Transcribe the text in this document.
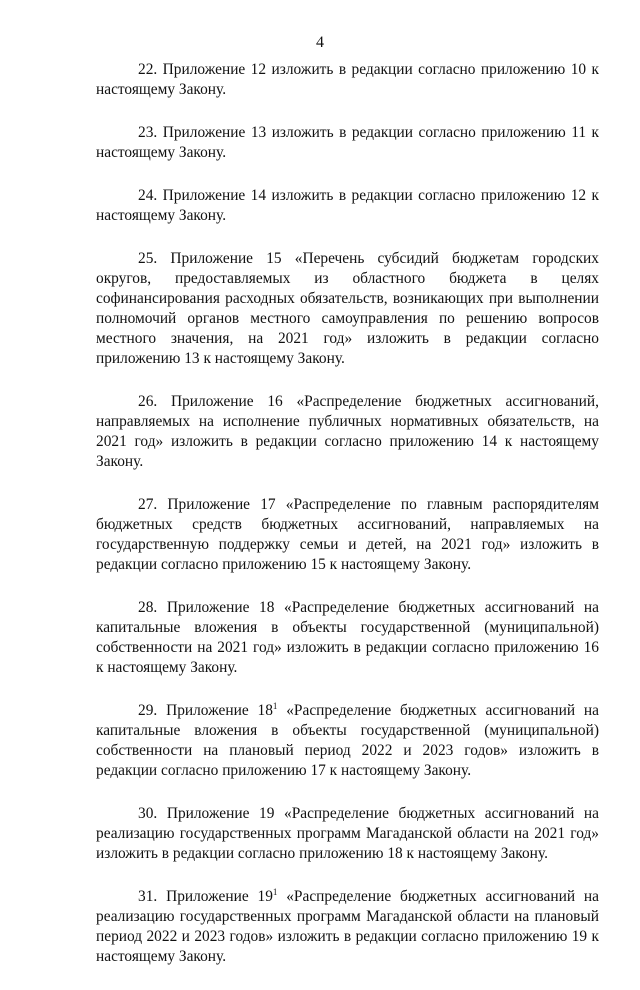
4

22. Приложение 12 изложить в редакции согласно приложению 10 к настоящему Закону.

23. Приложение 13 изложить в редакции согласно приложению 11 к настоящему Закону.

24. Приложение 14 изложить в редакции согласно приложению 12 к настоящему Закону.

25. Приложение 15 «Перечень субсидий бюджетам городских округов, предоставляемых из областного бюджета в целях софинансирования расходных обязательств, возникающих при выполнении полномочий органов местного самоуправления по решению вопросов местного значения, на 2021 год» изложить в редакции согласно приложению 13 к настоящему Закону.

26. Приложение 16 «Распределение бюджетных ассигнований, направляемых на исполнение публичных нормативных обязательств, на 2021 год» изложить в редакции согласно приложению 14 к настоящему Закону.

27. Приложение 17 «Распределение по главным распорядителям бюджетных средств бюджетных ассигнований, направляемых на государственную поддержку семьи и детей, на 2021 год» изложить в редакции согласно приложению 15 к настоящему Закону.

28. Приложение 18 «Распределение бюджетных ассигнований на капитальные вложения в объекты государственной (муниципальной) собственности на 2021 год» изложить в редакции согласно приложению 16 к настоящему Закону.

29. Приложение $18^1$ «Распределение бюджетных ассигнований на капитальные вложения в объекты государственной (муниципальной) собственности на плановый период 2022 и 2023 годов» изложить в редакции согласно приложению 17 к настоящему Закону.

30. Приложение 19 «Распределение бюджетных ассигнований на реализацию государственных программ Магаданской области на 2021 год» изложить в редакции согласно приложению 18 к настоящему Закону.

31. Приложение $19^1$ «Распределение бюджетных ассигнований на реализацию государственных программ Магаданской области на плановый период 2022 и 2023 годов» изложить в редакции согласно приложению 19 к настоящему Закону.
